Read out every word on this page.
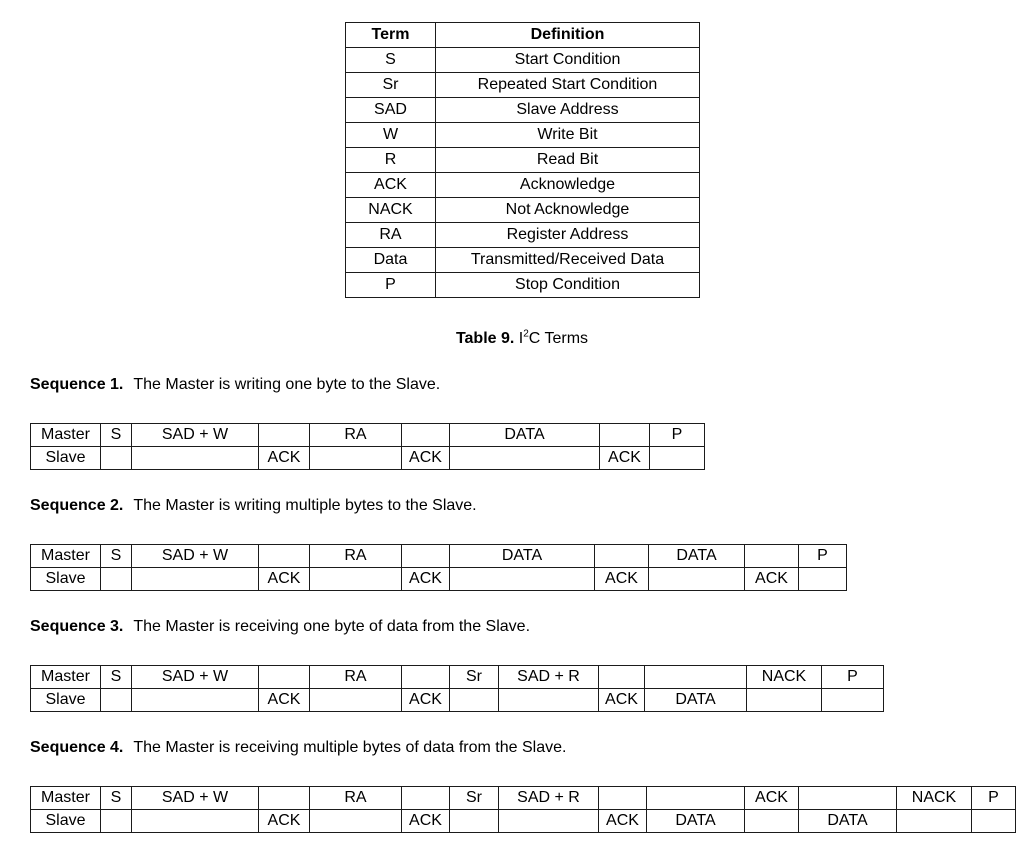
Term	Definition
S	Start Condition
Sr	Repeated Start Condition
SAD	Slave Address
W	Write Bit
R	Read Bit
ACK	Acknowledge
NACK	Not Acknowledge
RA	Register Address
Data	Transmitted/Received Data
P	Stop Condition
Table 9. $I^2C$ Terms
Sequence 1. The Master is writing one byte to the Slave.
Master	S	SAD + W		RA		DATA		P
Slave			ACK		ACK		ACK	
Sequence 2. The Master is writing multiple bytes to the Slave.
Master	S	SAD + W		RA		DATA		DATA		P
Slave			ACK		ACK		ACK		ACK	
Sequence 3. The Master is receiving one byte of data from the Slave.
Master	S	SAD + W		RA		Sr	SAD + R			NACK	P
Slave			ACK		ACK			ACK	DATA		
Sequence 4. The Master is receiving multiple bytes of data from the Slave.
Master	S	SAD + W		RA		Sr	SAD + R			ACK		NACK	P
Slave			ACK		ACK			ACK	DATA		DATA		
